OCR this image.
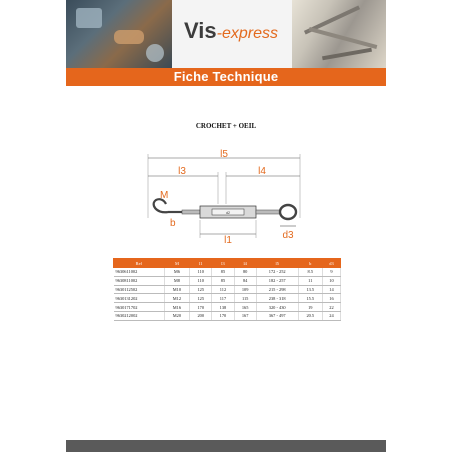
Vis-express
Fiche Technique
CROCHET + OEIL
l5
l3	l4
M
d2
b
l1	d3
Ref	M	l1	l3	l4	l5	b	d3
9630611002	M6	110	85	80	172 - 252	8.5	9
9630811002	M8	110	85	84	182 - 257	11	10
9630112502	M10	125	112	109	215 - 298	13.5	14
9630131202	M12	125	117	115	238 - 318	15.5	16
9630171702	M16	170	138	165	320 - 430	19	22
9630212002	M20	200	170	167	367 - 497	20.5	24
